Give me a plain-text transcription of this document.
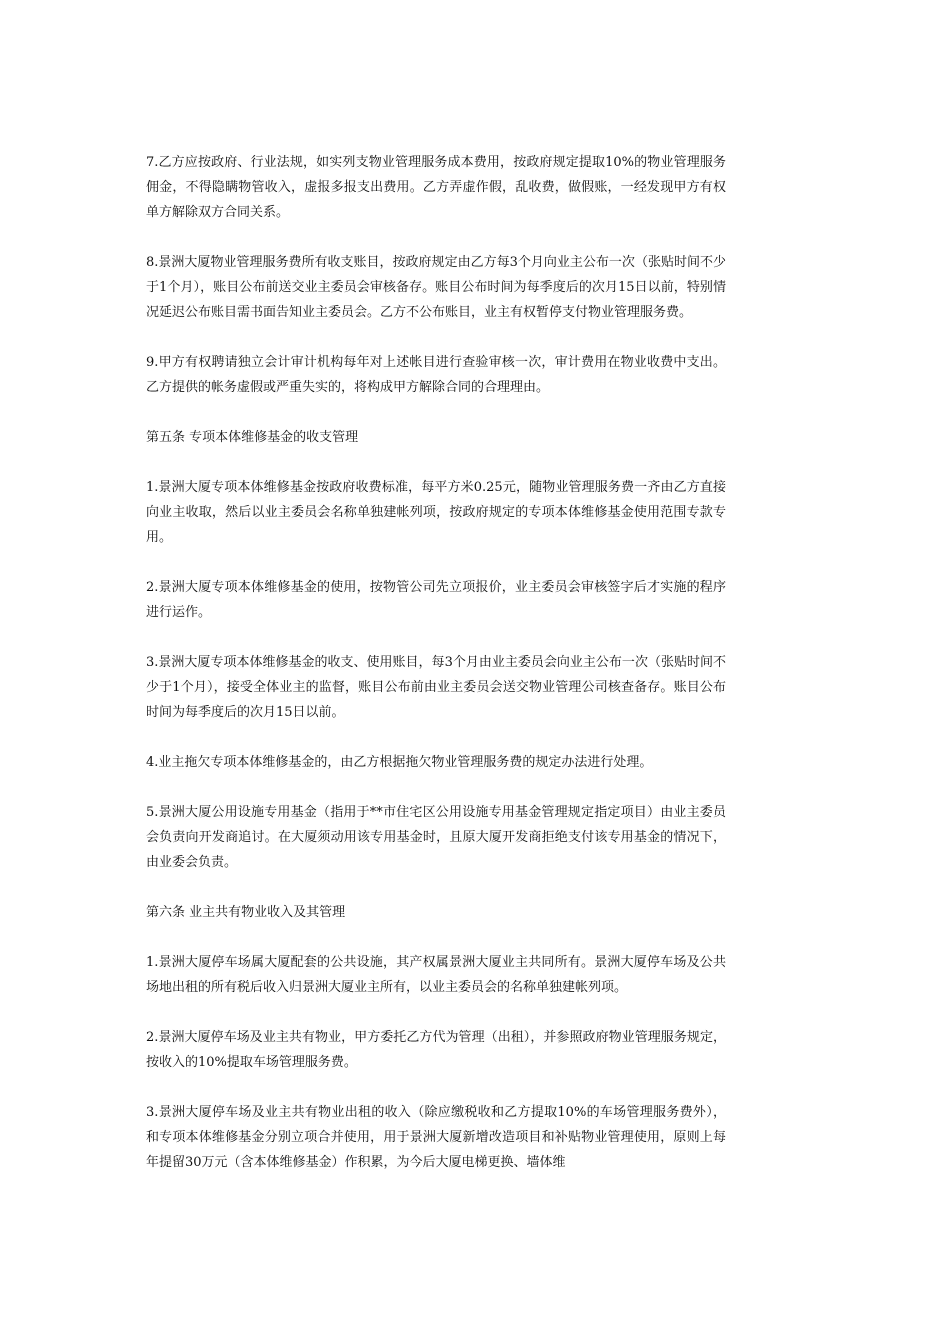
7.乙方应按政府、行业法规，如实列支物业管理服务成本费用，按政府规定提取10%的物业管理服务佣金，不得隐瞒物管收入，虚报多报支出费用。乙方弄虚作假，乱收费，做假账，一经发现甲方有权单方解除双方合同关系。

8.景洲大厦物业管理服务费所有收支账目，按政府规定由乙方每3个月向业主公布一次（张贴时间不少于1个月），账目公布前送交业主委员会审核备存。账目公布时间为每季度后的次月15日以前，特别情况延迟公布账目需书面告知业主委员会。乙方不公布账目，业主有权暂停支付物业管理服务费。

9.甲方有权聘请独立会计审计机构每年对上述帐目进行查验审核一次，审计费用在物业收费中支出。乙方提供的帐务虚假或严重失实的，将构成甲方解除合同的合理理由。

第五条 专项本体维修基金的收支管理

1.景洲大厦专项本体维修基金按政府收费标准，每平方米0.25元，随物业管理服务费一齐由乙方直接向业主收取，然后以业主委员会名称单独建帐列项，按政府规定的专项本体维修基金使用范围专款专用。

2.景洲大厦专项本体维修基金的使用，按物管公司先立项报价，业主委员会审核签字后才实施的程序进行运作。

3.景洲大厦专项本体维修基金的收支、使用账目，每3个月由业主委员会向业主公布一次（张贴时间不少于1个月），接受全体业主的监督，账目公布前由业主委员会送交物业管理公司核查备存。账目公布时间为每季度后的次月15日以前。

4.业主拖欠专项本体维修基金的，由乙方根据拖欠物业管理服务费的规定办法进行处理。

5.景洲大厦公用设施专用基金（指用于**市住宅区公用设施专用基金管理规定指定项目）由业主委员会负责向开发商追讨。在大厦须动用该专用基金时，且原大厦开发商拒绝支付该专用基金的情况下，由业委会负责。

第六条 业主共有物业收入及其管理

1.景洲大厦停车场属大厦配套的公共设施，其产权属景洲大厦业主共同所有。景洲大厦停车场及公共场地出租的所有税后收入归景洲大厦业主所有，以业主委员会的名称单独建帐列项。

2.景洲大厦停车场及业主共有物业，甲方委托乙方代为管理（出租），并参照政府物业管理服务规定，按收入的10%提取车场管理服务费。

3.景洲大厦停车场及业主共有物业出租的收入（除应缴税收和乙方提取10%的车场管理服务费外），和专项本体维修基金分别立项合并使用，用于景洲大厦新增改造项目和补贴物业管理使用，原则上每年提留30万元（含本体维修基金）作积累，为今后大厦电梯更换、墙体维
